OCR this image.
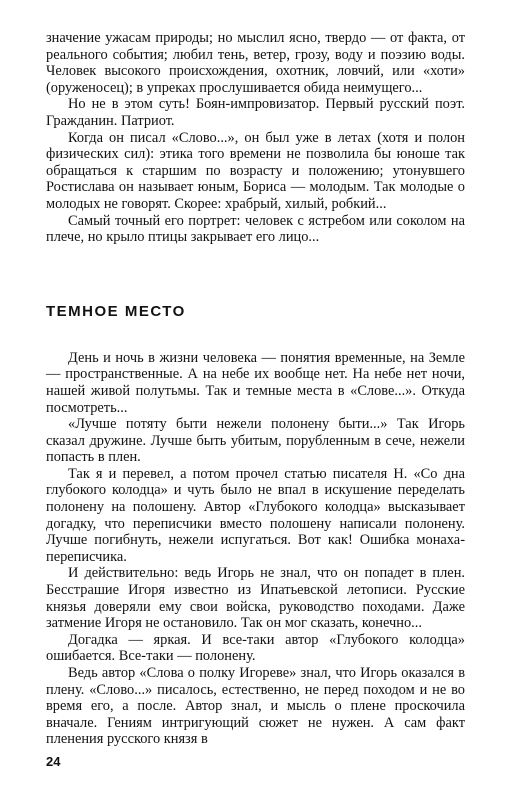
значение ужасам природы; но мыслил ясно, твердо — от факта, от реального события; любил тень, ветер, грозу, воду и поэзию воды. Человек высокого происхождения, охотник, ловчий, или «хоти» (оруженосец); в упреках прослушивается обида неимущего...

Но не в этом суть! Боян-импровизатор. Первый русский поэт. Гражданин. Патриот.

Когда он писал «Слово...», он был уже в летах (хотя и полон физических сил): этика того времени не позволила бы юноше так обращаться к старшим по возрасту и положению; утонувшего Ростислава он называет юным, Бориса — молодым. Так молодые о молодых не говорят. Скорее: храбрый, хилый, робкий...

Самый точный его портрет: человек с ястребом или соколом на плече, но крыло птицы закрывает его лицо...

ТЕМНОЕ МЕСТО

День и ночь в жизни человека — понятия временные, на Земле — пространственные. А на небе их вообще нет. На небе нет ночи, нашей живой полутьмы. Так и темные места в «Слове...». Откуда посмотреть...

«Лучше потяту быти нежели полонену быти...» Так Игорь сказал дружине. Лучше быть убитым, порубленным в сече, нежели попасть в плен.

Так я и перевел, а потом прочел статью писателя Н. «Со дна глубокого колодца» и чуть было не впал в искушение переделать полонену на полошену. Автор «Глубокого колодца» высказывает догадку, что переписчики вместо полошену написали полонену. Лучше погибнуть, нежели испугаться. Вот как! Ошибка монаха-переписчика.

И действительно: ведь Игорь не знал, что он попадет в плен. Бесстрашие Игоря известно из Ипатьевской летописи. Русские князья доверяли ему свои войска, руководство походами. Даже затмение Игоря не остановило. Так он мог сказать, конечно...

Догадка — яркая. И все-таки автор «Глубокого колодца» ошибается. Все-таки — полонену.

Ведь автор «Слова о полку Игореве» знал, что Игорь оказался в плену. «Слово...» писалось, естественно, не перед походом и не во время его, а после. Автор знал, и мысль о плене проскочила вначале. Гениям интригующий сюжет не нужен. А сам факт пленения русского князя в

24
